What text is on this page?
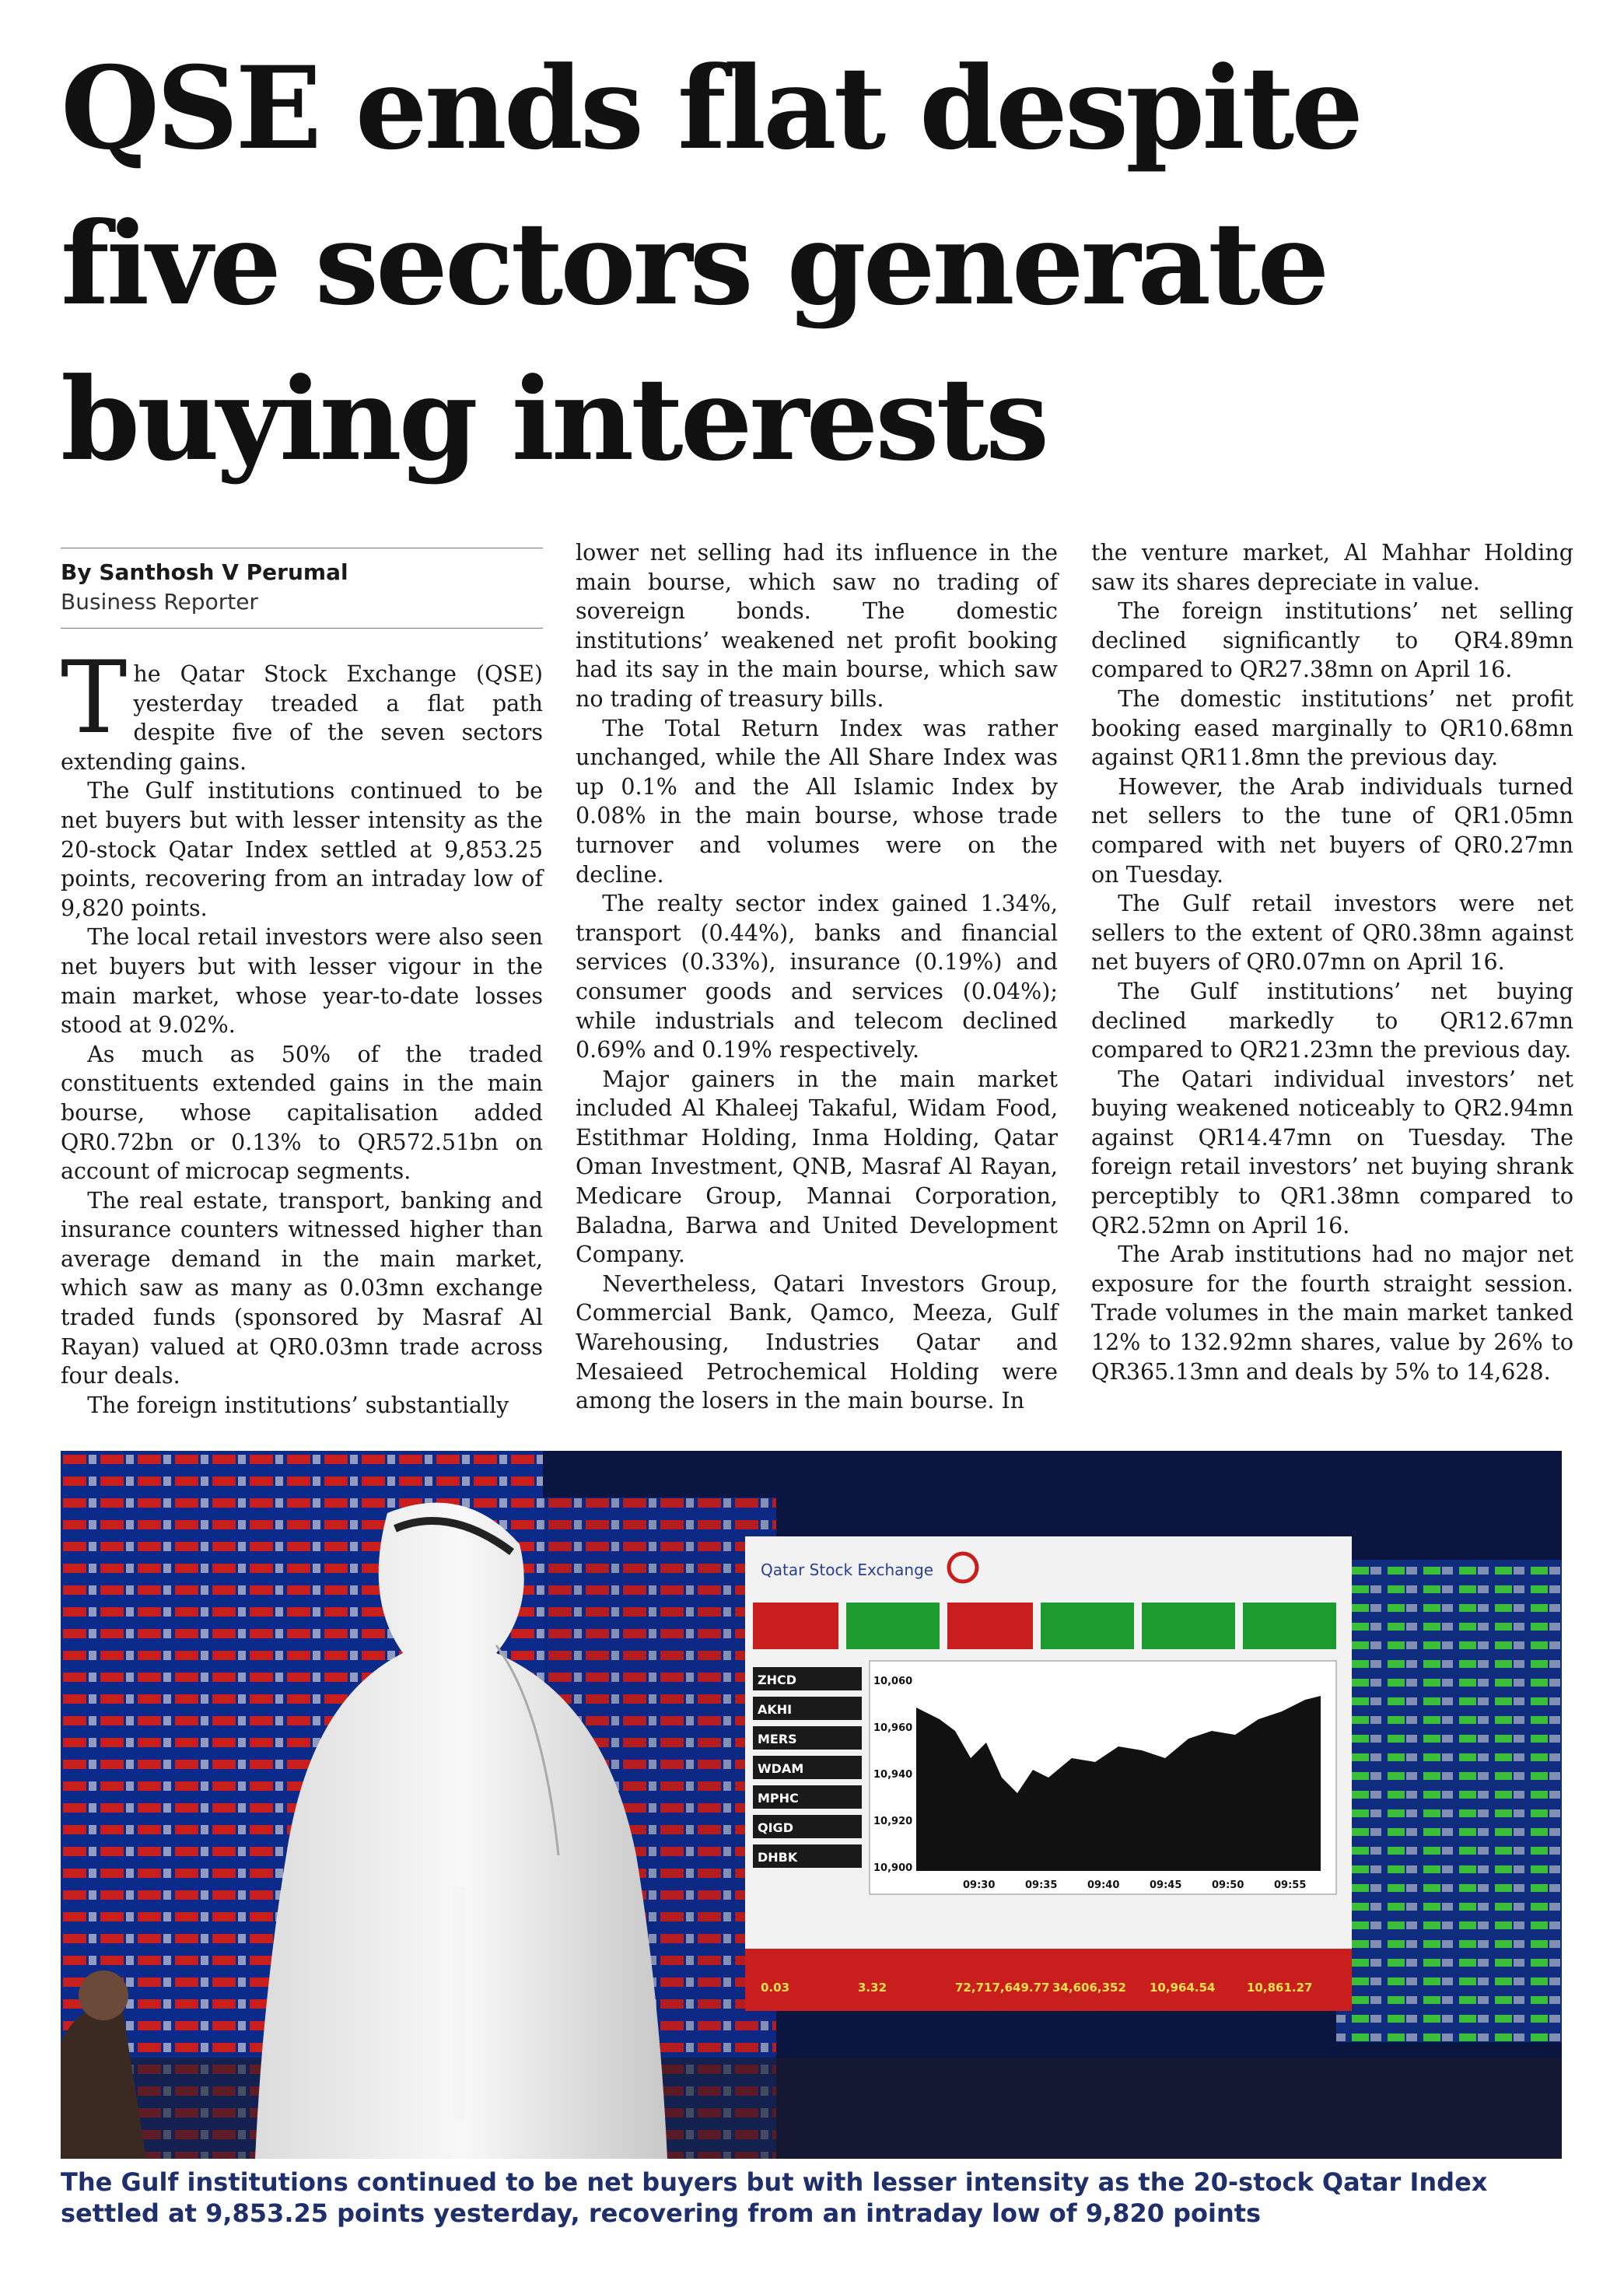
QSE ends flat despite
five sectors generate
buying interests
By Santhosh V Perumal
Business Reporter

The Qatar Stock Exchange (QSE) yesterday treaded a flat path despite five of the seven sectors extending gains.

The Gulf institutions continued to be net buyers but with lesser intensity as the 20-stock Qatar Index settled at 9,853.25 points, recovering from an intraday low of 9,820 points.

The local retail investors were also seen net buyers but with lesser vigour in the main market, whose year-to-date losses stood at 9.02%.

As much as 50% of the traded constituents extended gains in the main bourse, whose capitalisation added QR0.72bn or 0.13% to QR572.51bn on account of microcap segments.

The real estate, transport, banking and insurance counters witnessed higher than average demand in the main market, which saw as many as 0.03mn exchange traded funds (sponsored by Masraf Al Rayan) valued at QR0.03mn trade across four deals.

The foreign institutions’ substantially

lower net selling had its influence in the main bourse, which saw no trading of sovereign bonds. The domestic institutions’ weakened net profit booking had its say in the main bourse, which saw no trading of treasury bills.

The Total Return Index was rather unchanged, while the All Share Index was up 0.1% and the All Islamic Index by 0.08% in the main bourse, whose trade turnover and volumes were on the decline.

The realty sector index gained 1.34%, transport (0.44%), banks and financial services (0.33%), insurance (0.19%) and consumer goods and services (0.04%); while industrials and telecom declined 0.69% and 0.19% respectively.

Major gainers in the main market included Al Khaleej Takaful, Widam Food, Estithmar Holding, Inma Holding, Qatar Oman Investment, QNB, Masraf Al Rayan, Medicare Group, Mannai Corporation, Baladna, Barwa and United Development Company.

Nevertheless, Qatari Investors Group, Commercial Bank, Qamco, Meeza, Gulf Warehousing, Industries Qatar and Mesaieed Petrochemical Holding were among the losers in the main bourse. In

the venture market, Al Mahhar Holding saw its shares depreciate in value.

The foreign institutions’ net selling declined significantly to QR4.89mn compared to QR27.38mn on April 16.

The domestic institutions’ net profit booking eased marginally to QR10.68mn against QR11.8mn the previous day.

However, the Arab individuals turned net sellers to the tune of QR1.05mn compared with net buyers of QR0.27mn on Tuesday.

The Gulf retail investors were net sellers to the extent of QR0.38mn against net buyers of QR0.07mn on April 16.

The Gulf institutions’ net buying declined markedly to QR12.67mn compared to QR21.23mn the previous day.

The Qatari individual investors’ net buying weakened noticeably to QR2.94mn against QR14.47mn on Tuesday. The foreign retail investors’ net buying shrank perceptibly to QR1.38mn compared to QR2.52mn on April 16.

The Arab institutions had no major net exposure for the fourth straight session. Trade volumes in the main market tanked 12% to 132.92mn shares, value by 26% to QR365.13mn and deals by 5% to 14,628.

Qatar Stock Exchange
ZHCD
AKHI
MERS
WDAM
MPHC
QIGD
DHBK
10,060
10,960
10,940
10,920
10,900
09:30	09:35	09:40	09:45	09:50	09:55
0.03	3.32	72,717,649.77 34,606,352 10,964.54	10,861.27

The Gulf institutions continued to be net buyers but with lesser intensity as the 20-stock Qatar Index settled at 9,853.25 points yesterday, recovering from an intraday low of 9,820 points
